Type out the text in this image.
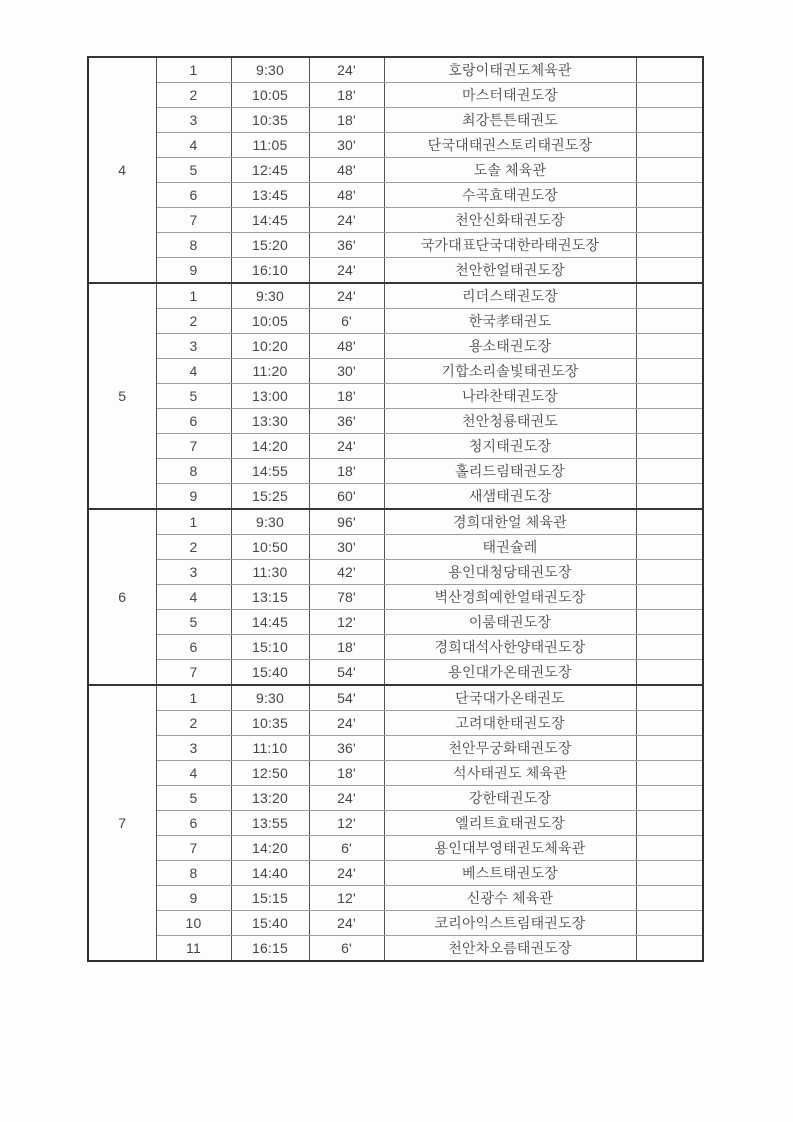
4	1	9:30	24'	호랑이태권도체육관	
	2	10:05	18'	마스터태권도장	
	3	10:35	18'	최강튼튼태권도	
	4	11:05	30'	단국대태권스토리태권도장	
	5	12:45	48'	도솔 체육관	
	6	13:45	48'	수곡효태권도장	
	7	14:45	24'	천안신화태권도장	
	8	15:20	36'	국가대표단국대한라태권도장	
	9	16:10	24'	천안한얼태권도장	
5	1	9:30	24'	리더스태권도장	
	2	10:05	6'	한국孝태권도	
	3	10:20	48'	용소태권도장	
	4	11:20	30'	기합소리솔빛태권도장	
	5	13:00	18'	나라찬태권도장	
	6	13:30	36'	천안청룡태권도	
	7	14:20	24'	청지태권도장	
	8	14:55	18'	홀리드림태권도장	
	9	15:25	60'	새샘태권도장	
6	1	9:30	96'	경희대한얼 체육관	
	2	10:50	30'	태권슐레	
	3	11:30	42'	용인대청당태권도장	
	4	13:15	78'	벽산경희예한얼태권도장	
	5	14:45	12'	이룸태권도장	
	6	15:10	18'	경희대석사한양태권도장	
	7	15:40	54'	용인대가온태권도장	
7	1	9:30	54'	단국대가온태권도	
	2	10:35	24'	고려대한태권도장	
	3	11:10	36'	천안무궁화태권도장	
	4	12:50	18'	석사태권도 체육관	
	5	13:20	24'	강한태권도장	
	6	13:55	12'	엘리트효태권도장	
	7	14:20	6'	용인대부영태권도체육관	
	8	14:40	24'	베스트태권도장	
	9	15:15	12'	신광수 체육관	
	10	15:40	24'	코리아익스트림태권도장	
	11	16:15	6'	천안차오름태권도장	
